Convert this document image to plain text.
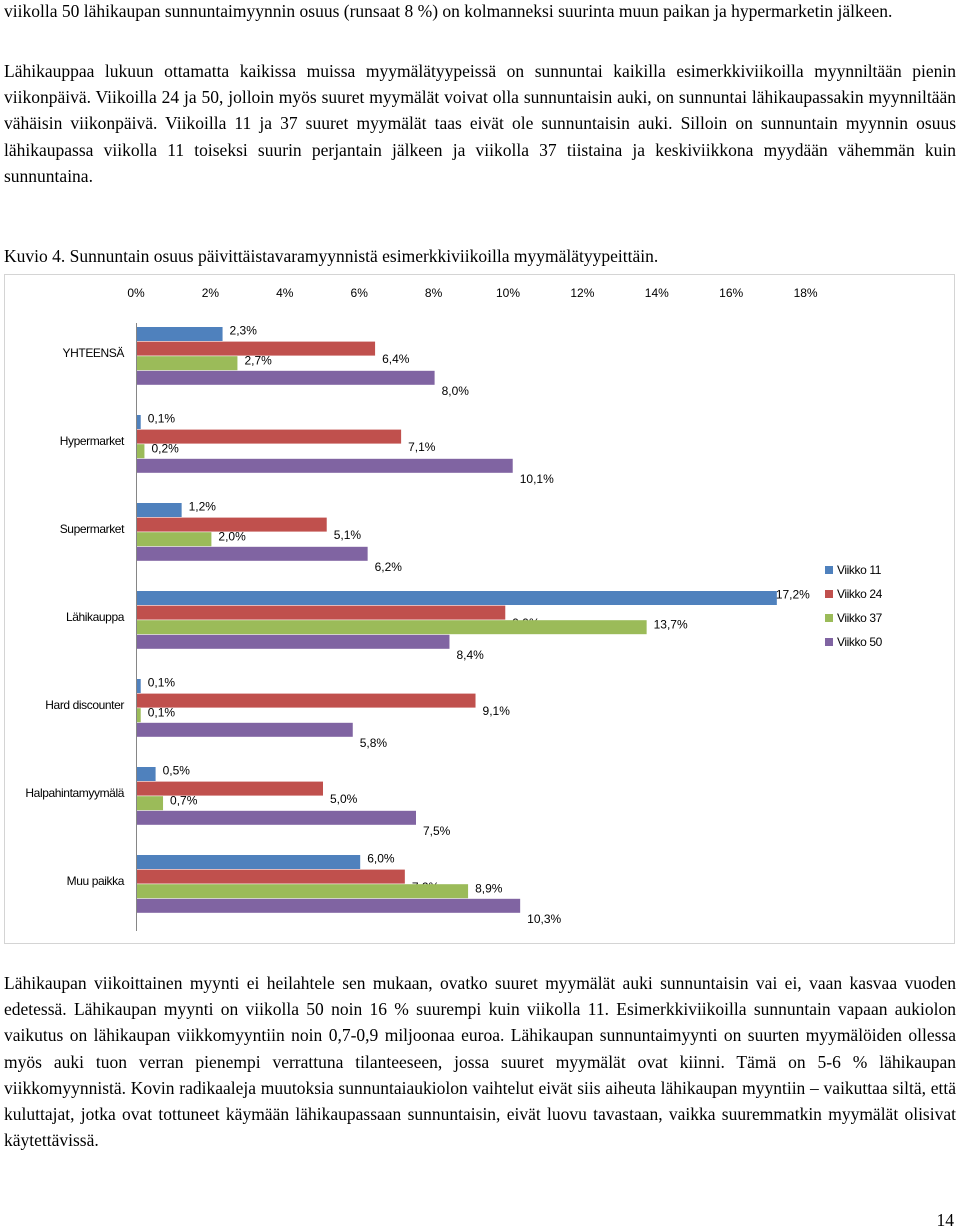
viikolla 50 lähikaupan sunnuntaimyynnin osuus (runsaat 8 %) on kolmanneksi suurinta muun paikan ja hypermarketin jälkeen.

Lähikauppaa lukuun ottamatta kaikissa muissa myymälätyypeissä on sunnuntai kaikilla esimerkkiviikoilla myynniltään pienin viikonpäivä. Viikoilla 24 ja 50, jolloin myös suuret myymälät voivat olla sunnuntaisin auki, on sunnuntai lähikaupassakin myynniltään vähäisin viikonpäivä. Viikoilla 11 ja 37 suuret myymälät taas eivät ole sunnuntaisin auki. Silloin on sunnuntain myynnin osuus lähikaupassa viikolla 11 toiseksi suurin perjantain jälkeen ja viikolla 37 tiistaina ja keskiviikkona myydään vähemmän kuin sunnuntaina.

Kuvio 4. Sunnuntain osuus päivittäistavaramyynnistä esimerkkiviikoilla myymälätyypeittäin.
0%	2%	4%	6%	8%	10%	12%	14%	16%	18%
YHTEENSÄ
2,3%
6,4%
2,7%
8,0%
Hypermarket
0,1%
7,1%
0,2%
10,1%
Supermarket
1,2%
5,1%
2,0%
6,2%
Lähikauppa
17,2%
13,7%
8,4%
Hard discounter
0,1%
9,1%
0,1%
5,8%
Halpahintamyymälä
0,5%
5,0%
0,7%
7,5%
Muu paikka
6,0%
8,9%
10,3%
Viikko 11
Viikko 24
Viikko 37
Viikko 50

Lähikaupan viikoittainen myynti ei heilahtele sen mukaan, ovatko suuret myymälät auki sunnuntaisin vai ei, vaan kasvaa vuoden edetessä. Lähikaupan myynti on viikolla 50 noin 16 % suurempi kuin viikolla 11. Esimerkkiviikoilla sunnuntain vapaan aukiolon vaikutus on lähikaupan viikkomyyntiin noin 0,7-0,9 miljoonaa euroa. Lähikaupan sunnuntaimyynti on suurten myymälöiden ollessa myös auki tuon verran pienempi verrattuna tilanteeseen, jossa suuret myymälät ovat kiinni. Tämä on 5-6 % lähikaupan viikkomyynnistä. Kovin radikaaleja muutoksia sunnuntaiaukiolon vaihtelut eivät siis aiheuta lähikaupan myyntiin – vaikuttaa siltä, että kuluttajat, jotka ovat tottuneet käymään lähikaupassaan sunnuntaisin, eivät luovu tavastaan, vaikka suuremmatkin myymälät olisivat käytettävissä.

14
